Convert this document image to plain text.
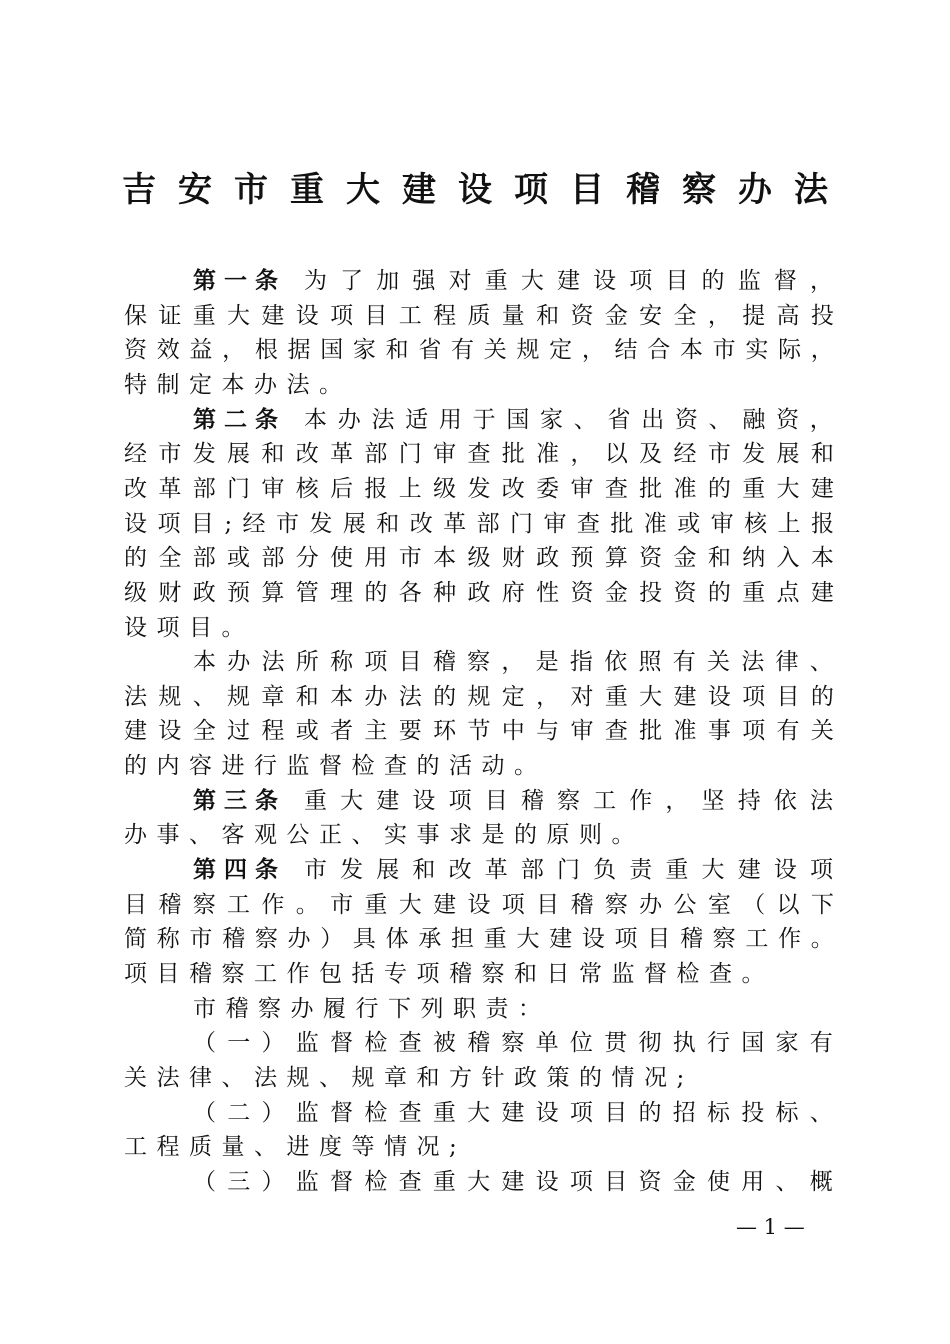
吉安市重大建设项目稽察办法
第 一 条 为 了 加 强 对 重 大 建 设 项 目 的 监 督 ，
保 证 重 大 建 设 项 目 工 程 质 量 和 资 金 安 全 ， 提 高 投
资 效 益 ， 根 据 国 家 和 省 有 关 规 定 ， 结 合 本 市 实 际 ，
特制定本办法。
第 二 条 本 办 法 适 用 于 国 家 、 省 出 资 、 融 资 ，
经 市 发 展 和 改 革 部 门 审 查 批 准 ， 以 及 经 市 发 展 和
改 革 部 门 审 核 后 报 上 级 发 改 委 审 查 批 准 的 重 大 建
设 项 目 ; 经 市 发 展 和 改 革 部 门 审 查 批 准 或 审 核 上 报
的 全 部 或 部 分 使 用 市 本 级 财 政 预 算 资 金 和 纳 入 本
级 财 政 预 算 管 理 的 各 种 政 府 性 资 金 投 资 的 重 点 建
设项目。
本 办 法 所 称 项 目 稽 察 ， 是 指 依 照 有 关 法 律 、
法 规 、 规 章 和 本 办 法 的 规 定 ， 对 重 大 建 设 项 目 的
建 设 全 过 程 或 者 主 要 环 节 中 与 审 查 批 准 事 项 有 关
的内容进行监督检查的活动。
第 三 条 重 大 建 设 项 目 稽 察 工 作 ， 坚 持 依 法
办事、客观公正、实事求是的原则。
第 四 条 市 发 展 和 改 革 部 门 负 责 重 大 建 设 项
目 稽 察 工 作 。 市 重 大 建 设 项 目 稽 察 办 公 室 （ 以 下
简 称 市 稽 察 办 ） 具 体 承 担 重 大 建 设 项 目 稽 察 工 作 。
项目稽察工作包括专项稽察和日常监督检查。
市稽察办履行下列职责：
（ 一 ） 监 督 检 查 被 稽 察 单 位 贯 彻 执 行 国 家 有
关法律、法规、规章和方针政策的情况;
（ 二 ） 监 督 检 查 重 大 建 设 项 目 的 招 标 投 标 、
工程质量、进度等情况;
（ 三 ） 监 督 检 查 重 大 建 设 项 目 资 金 使 用 、 概
— 1 —
